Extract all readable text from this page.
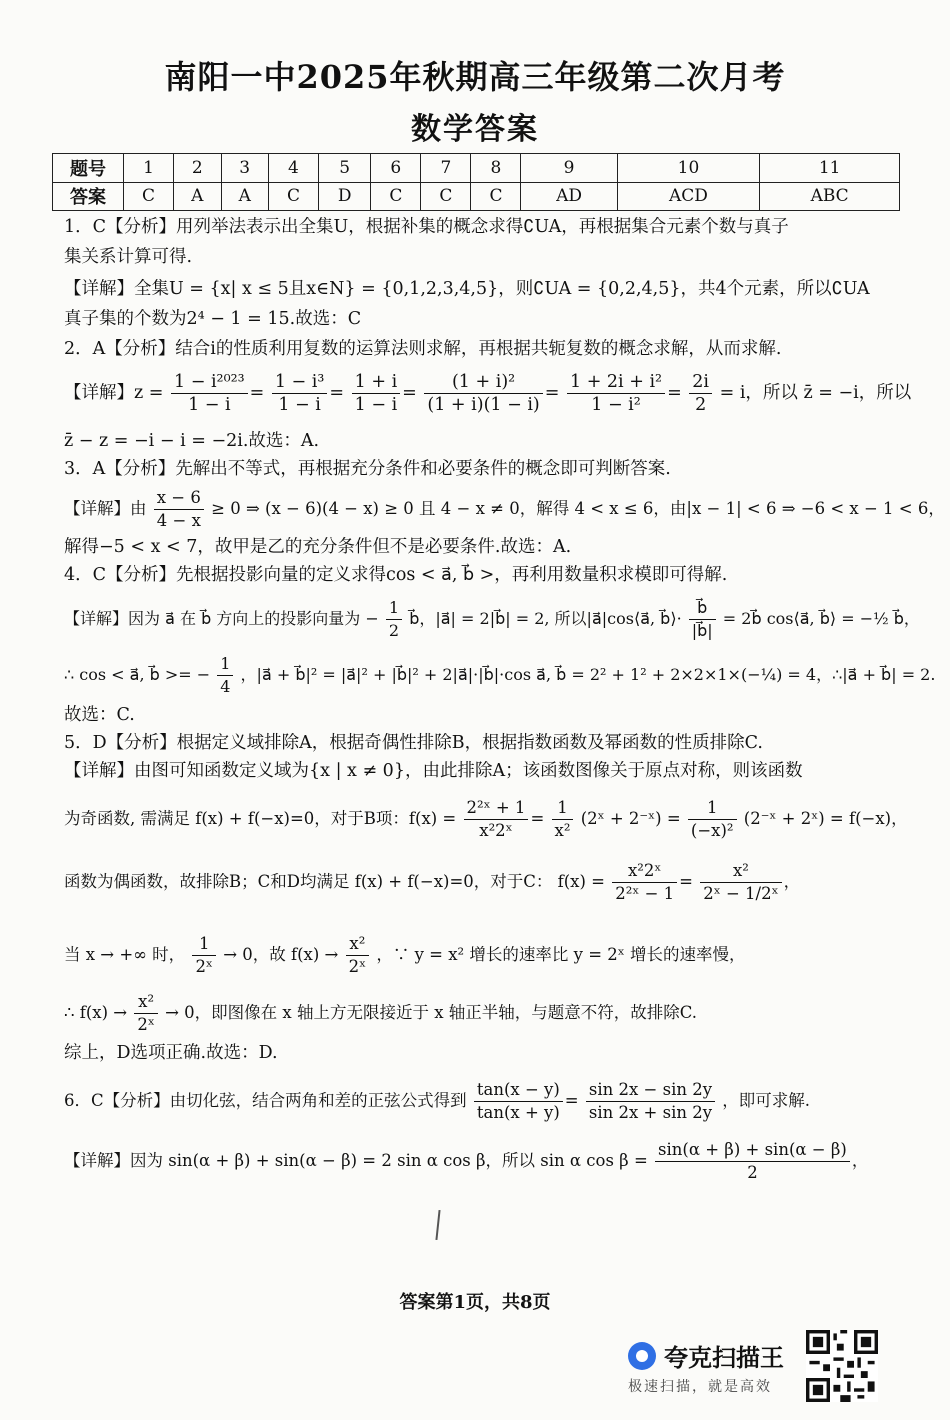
南阳一中2025年秋期高三年级第二次月考
数学答案
题号	1	2	3	4	5	6	7	8	9	10	11
答案	C	A	A	C	D	C	C	C	AD	ACD	ABC
1．C【分析】用列举法表示出全集U，根据补集的概念求得∁UA，再根据集合元素个数与真子
集关系计算可得.
【详解】全集U = {x| x ≤ 5且x∈N} = {0,1,2,3,4,5}，则∁UA = {0,2,4,5}，共4个元素，所以∁UA
真子集的个数为2⁴ − 1 = 15.故选：C
2．A【分析】结合i的性质利用复数的运算法则求解，再根据共轭复数的概念求解，从而求解.
【详解】$z = \frac{\text{1 − i²⁰²³}}{1 - i} = \frac{\text{1 − i³}}{1 - i} = \frac{1 + i}{1 - i} = \frac{\text{(1 + i)²}}{(1 + i)(1 - i)} = \frac{\text{1 + 2i + i²}}{\text{1 − i²}} = \frac{2i}{2} = i$，所以 z̄ = −i，所以
z̄ − z = −i − i = −2i.故选：A.
3．A【分析】先解出不等式，再根据充分条件和必要条件的概念即可判断答案.
【详解】由 $\frac{x - 6}{4 - x} \ge 0$ ⇒ (x − 6)(4 − x) ≥ 0 且 4 − x ≠ 0，解得 4 < x ≤ 6，由|x − 1| < 6 ⇒ −6 < x − 1 < 6，
解得−5 < x < 7，故甲是乙的充分条件但不是必要条件.故选：A.
4．C【分析】先根据投影向量的定义求得cos < a⃗, b⃗ >，再利用数量积求模即可得解.
【详解】因为 a⃗ 在 b⃗ 方向上的投影向量为 − $\frac{1}{2}$ b⃗，|a⃗| = 2|b⃗| = 2, 所以|a⃗|cos⟨a⃗, b⃗⟩· $\frac{b⃗}{|b⃗|}$ = 2b⃗ cos⟨a⃗, b⃗⟩ = −½ b⃗，
∴ cos < a⃗, b⃗ >= − $\frac{1}{4}$ ，|a⃗ + b⃗|² = |a⃗|² + |b⃗|² + 2|a⃗|·|b⃗|·cos a⃗, b⃗ = 2² + 1² + 2×2×1×(−¼) = 4，∴|a⃗ + b⃗| = 2.
故选：C.
5．D【分析】根据定义域排除A，根据奇偶性排除B，根据指数函数及幂函数的性质排除C.
【详解】由图可知函数定义域为{x | x ≠ 0}，由此排除A；该函数图像关于原点对称，则该函数
为奇函数, 需满足 f(x) + f(−x)=0，对于B项：$f(x) = \frac{\text{2²ˣ + 1}}{\text{x²2ˣ}} = \frac{1}{\text{x²}}$ (2ˣ + 2⁻ˣ) = $\frac{1}{\text{(−x)²}}$ (2⁻ˣ + 2ˣ) = f(−x)，
函数为偶函数，故排除B；C和D均满足 f(x) + f(−x)=0，对于C： $f(x) = \frac{\text{x²2ˣ}}{\text{2²ˣ − 1}} = \frac{\text{x²}}{\text{2ˣ − 1/2ˣ}}$ ，
当 x → +∞ 时， $\frac{1}{\text{2ˣ}} \to 0$，故 $f(x) \to \frac{\text{x²}}{\text{2ˣ}}$ ，∵ y = x² 增长的速率比 y = 2ˣ 增长的速率慢，
∴ $f(x) \to \frac{\text{x²}}{\text{2ˣ}} \to 0$，即图像在 x 轴上方无限接近于 x 轴正半轴，与题意不符，故排除C.
综上，D选项正确.故选：D.
6．C【分析】由切化弦，结合两角和差的正弦公式得到 $\frac{\tan(x - y)}{\tan(x + y)} = \frac{\sin 2x - \sin 2y}{\sin 2x + \sin 2y}$ ，即可求解.
【详解】因为 sin(α + β) + sin(α − β) = 2 sin α cos β，所以 sin α $\cos \beta = \frac{\sin(\alpha + \beta) + \sin(\alpha - \beta)}{2}$ ，
答案第1页，共8页
夸克扫描王
极速扫描，就是高效
